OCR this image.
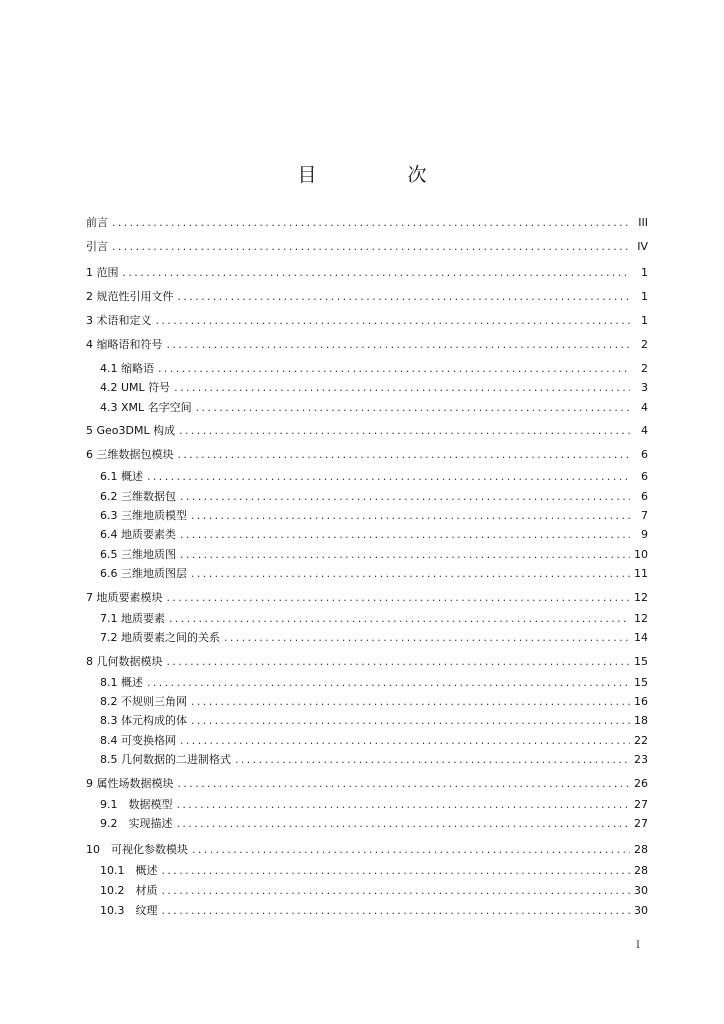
目　次
前言 .....	III
引言 .....	IV
1 范围 .....	1
2 规范性引用文件 .....	1
3 术语和定义 .....	1
4 缩略语和符号 .....	2
4.1 缩略语 .....	2
4.2 UML 符号 .....	3
4.3 XML 名字空间 .....	4
5 Geo3DML 构成 .....	4
6 三维数据包模块 .....	6
6.1 概述 .....	6
6.2 三维数据包 .....	6
6.3 三维地质模型 .....	7
6.4 地质要素类 .....	9
6.5 三维地质图 .....	10
6.6 三维地质图层 .....	11
7 地质要素模块 .....	12
7.1 地质要素 .....	12
7.2 地质要素之间的关系 .....	14
8 几何数据模块 .....	15
8.1 概述 .....	15
8.2 不规则三角网 .....	16
8.3 体元构成的体 .....	18
8.4 可变换格网 .....	22
8.5 几何数据的二进制格式 .....	23
9 属性场数据模块 .....	26
9.1　数据模型 .....	27
9.2　实现描述 .....	27
10　可视化参数模块 .....	28
10.1　概述 .....	28
10.2　材质 .....	30
10.3　纹理 .....	30
I
